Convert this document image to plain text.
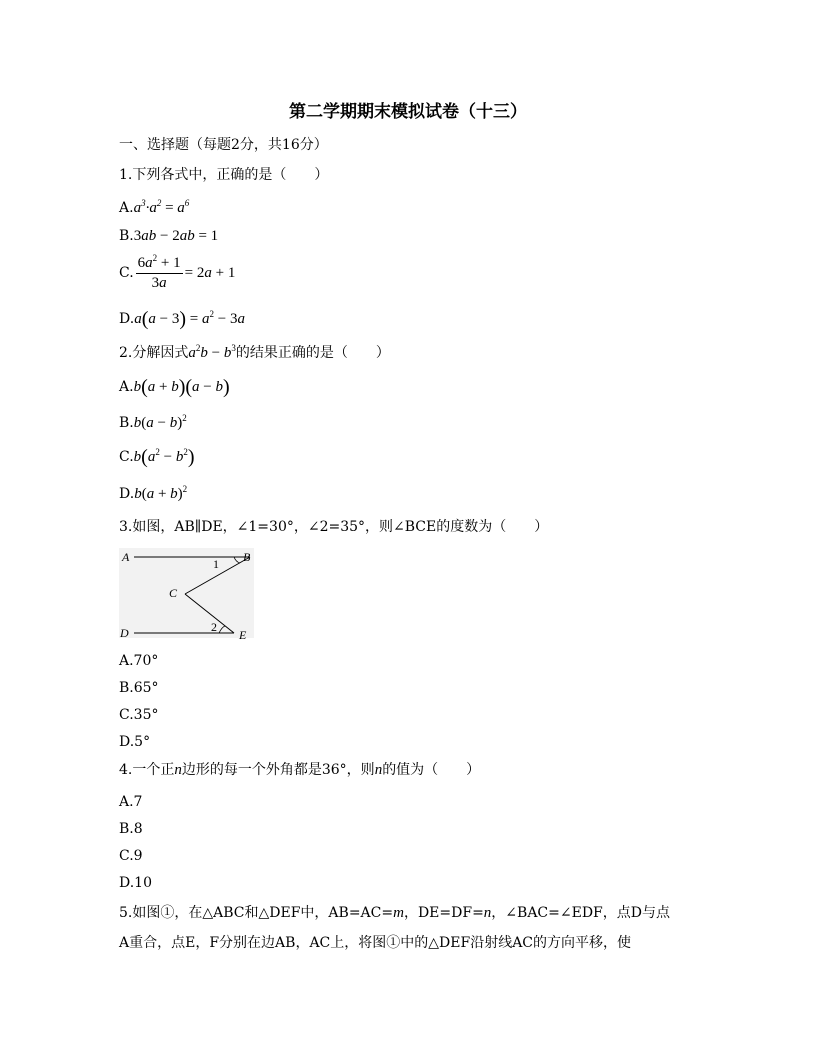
第二学期期末模拟试卷（十三）
一、选择题（每题2分，共16分）
1.下列各式中，正确的是（　　）
$A.a^3\cdot a^2 = a^6$
B.3ab − 2ab = 1
C. $\frac{6a^2 + 1}{3a} = 2a + 1$
$D.a(a - 3) = a^2 - 3a$
2.分解因式$a^2b - b^3$的结果正确的是（　　）
A.b(a + b)(a − b)
$B.b(a - b)^2$
$C.b(a^2 - b^2)$
$D.b(a + b)^2$
3.如图，AB∥DE，∠1=30°，∠2=35°，则∠BCE的度数为（　　）
A	B
C
D	E
1
2
A.70°
B.65°
C.35°
D.5°
4.一个正n边形的每一个外角都是36°，则n的值为（　　）
A.7
B.8
C.9
D.10
5.如图①，在△ABC和△DEF中，AB=AC=m，DE=DF=n，∠BAC=∠EDF，点D与点
A重合，点E，F分别在边AB，AC上，将图①中的△DEF沿射线AC的方向平移，使
